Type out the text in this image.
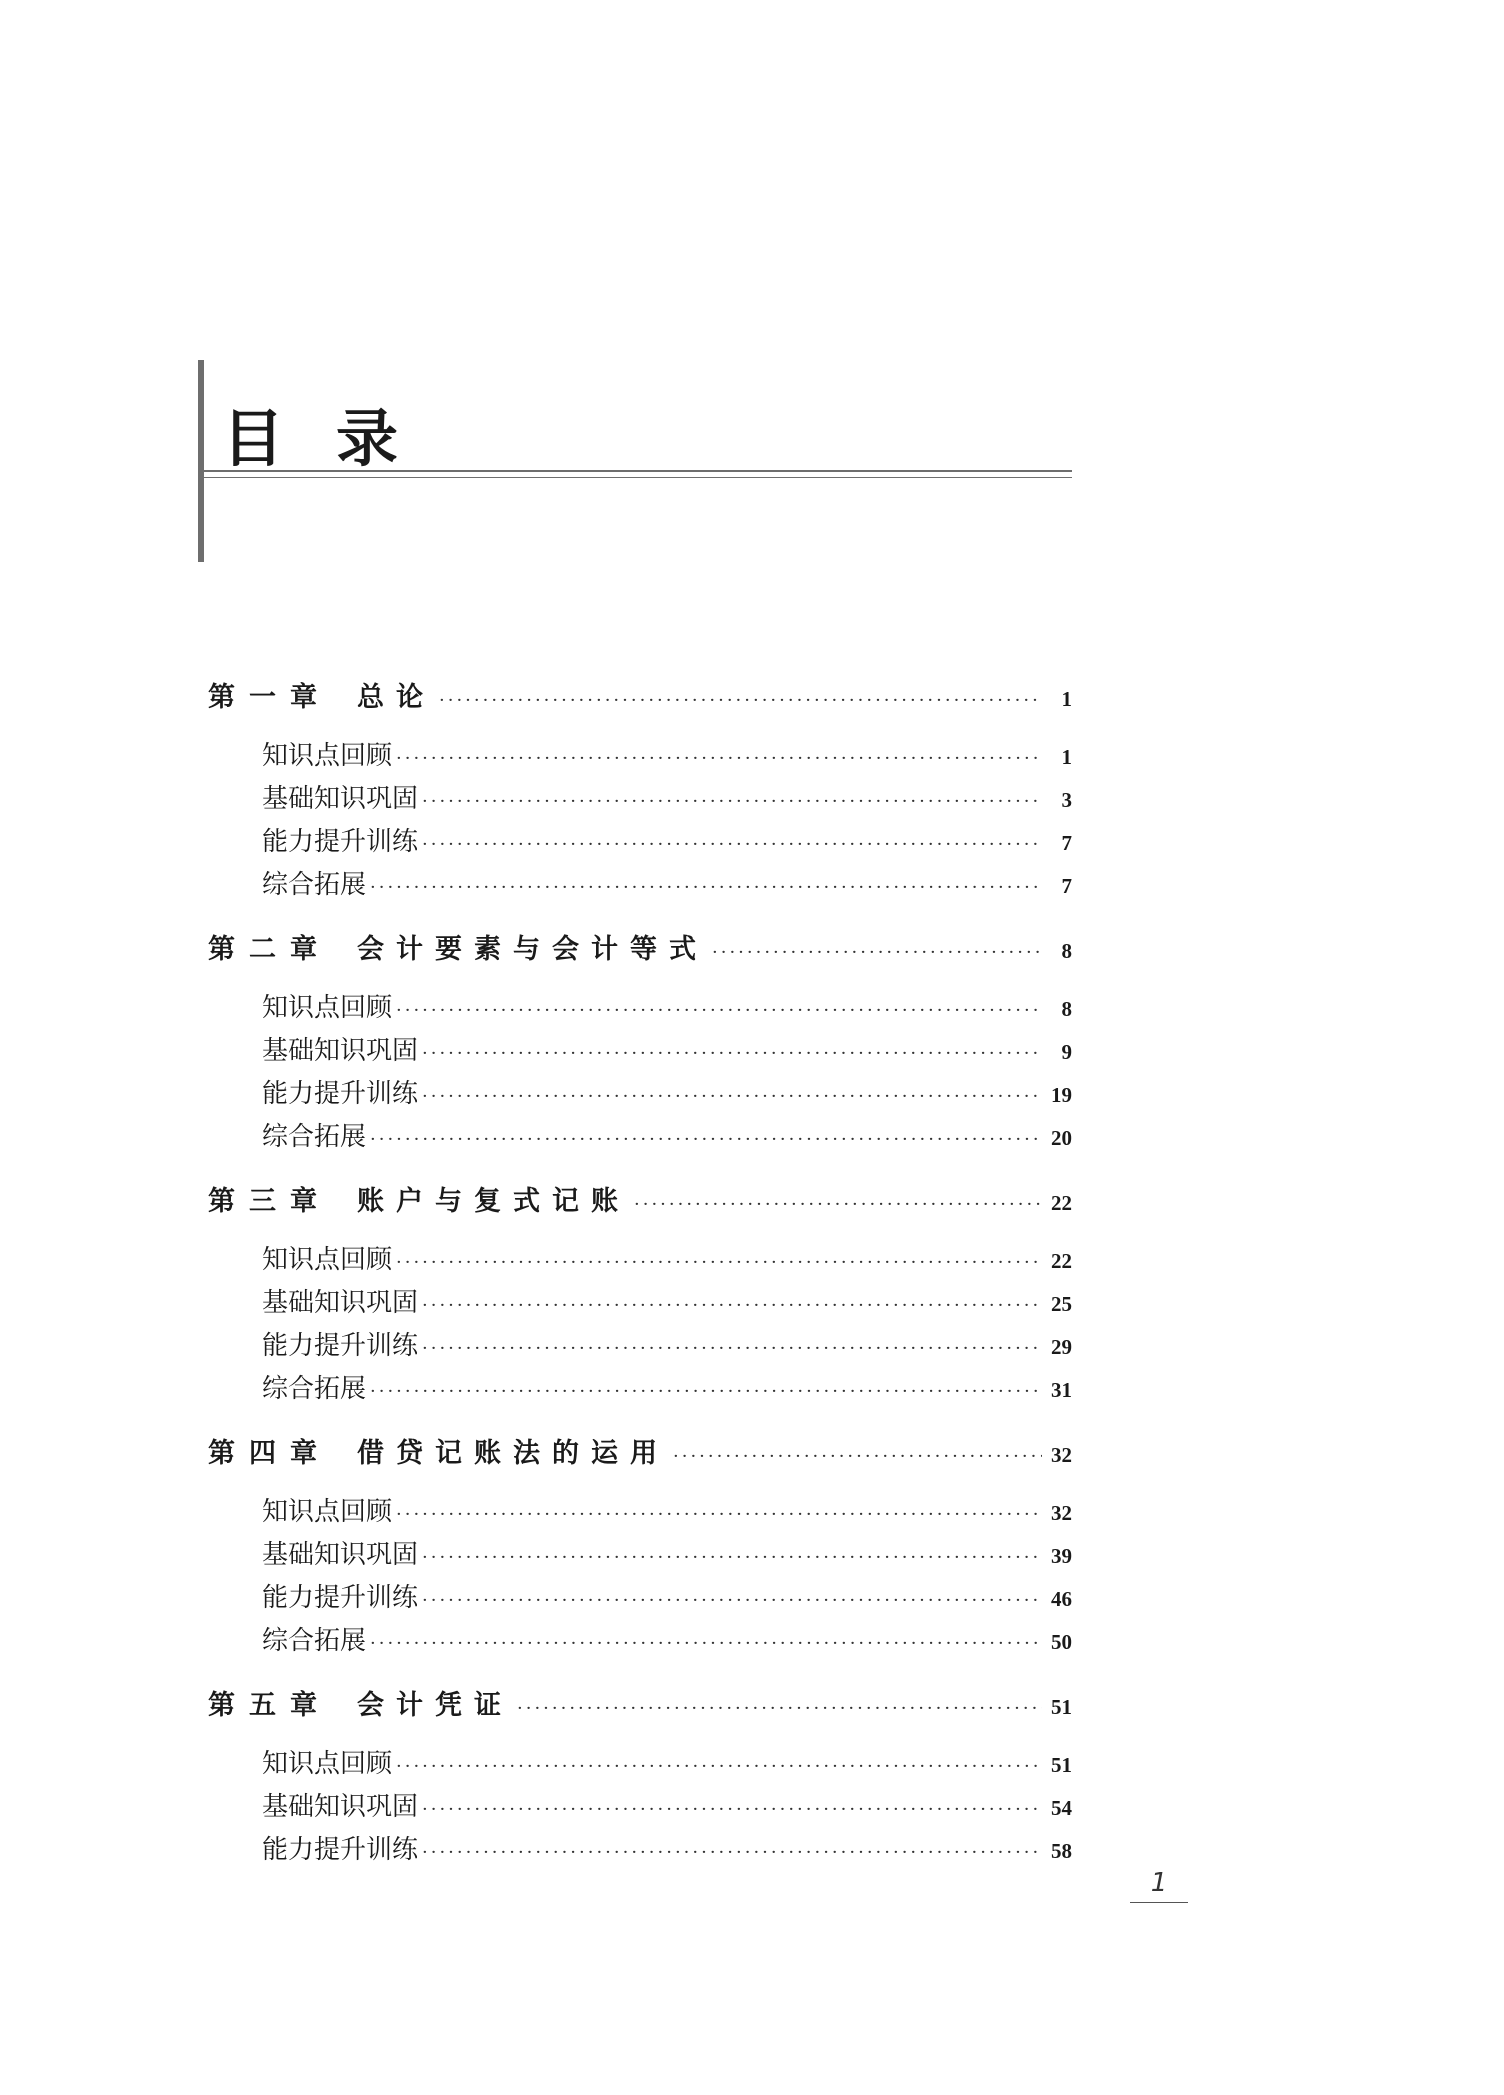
目录
第一章 总论 ·····	1
知识点回顾 ·····	1
基础知识巩固 ·····	3
能力提升训练 ·····	7
综合拓展 ·····	7
第二章 会计要素与会计等式 ·····	8
知识点回顾 ·····	8
基础知识巩固 ·····	9
能力提升训练 ·····	19
综合拓展 ·····	20
第三章 账户与复式记账 ·····	22
知识点回顾 ·····	22
基础知识巩固 ·····	25
能力提升训练 ·····	29
综合拓展 ·····	31
第四章 借贷记账法的运用 ·····	32
知识点回顾 ·····	32
基础知识巩固 ·····	39
能力提升训练 ·····	46
综合拓展 ·····	50
第五章 会计凭证 ·····	51
知识点回顾 ·····	51
基础知识巩固 ·····	54
能力提升训练 ·····	58
1
